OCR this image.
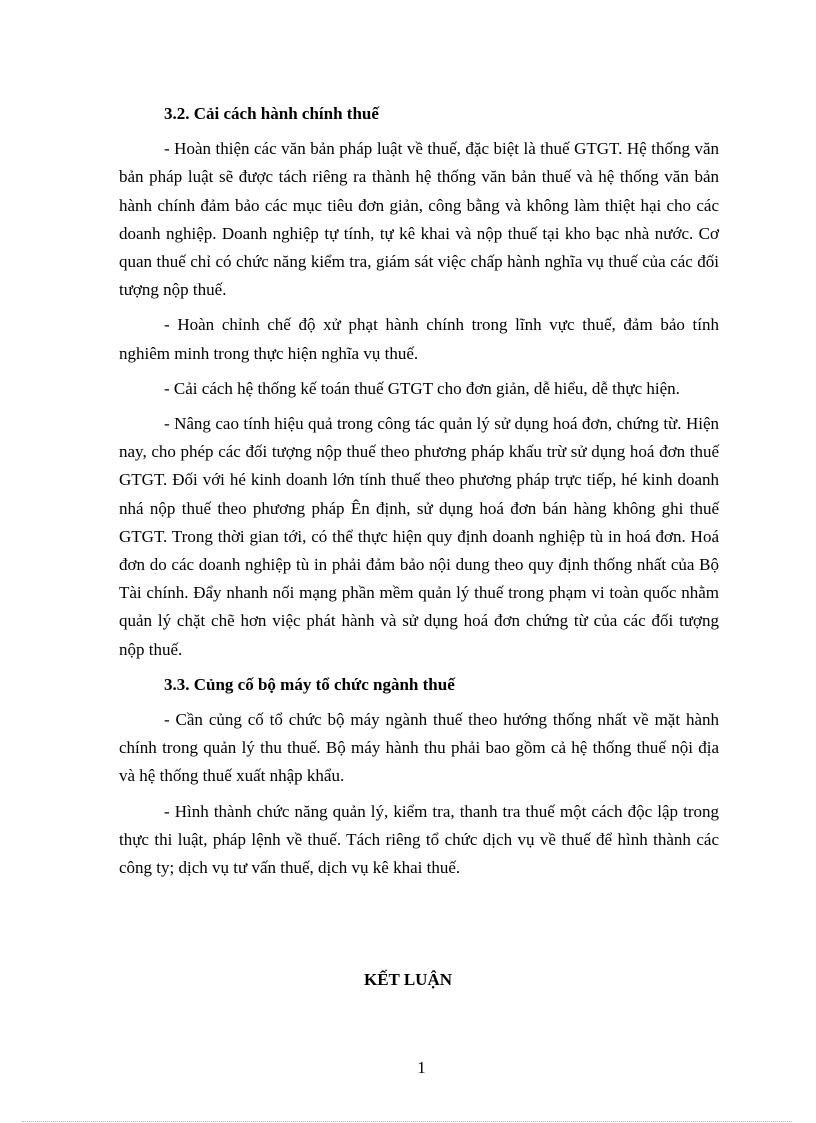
3.2. Cải cách hành chính thuế

- Hoàn thiện các văn bản pháp luật về thuế, đặc biệt là thuế GTGT. Hệ thống văn bản pháp luật sẽ được tách riêng ra thành hệ thống văn bản thuế và hệ thống văn bản hành chính đảm bảo các mục tiêu đơn giản, công bằng và không làm thiệt hại cho các doanh nghiệp. Doanh nghiệp tự tính, tự kê khai và nộp thuế tại kho bạc nhà nước. Cơ quan thuế chỉ có chức năng kiểm tra, giám sát việc chấp hành nghĩa vụ thuế của các đối tượng nộp thuế.

- Hoàn chỉnh chế độ xử phạt hành chính trong lĩnh vực thuế, đảm bảo tính nghiêm minh trong thực hiện nghĩa vụ thuế.

- Cải cách hệ thống kế toán thuế GTGT cho đơn giản, dễ hiểu, dễ thực hiện.

- Nâng cao tính hiệu quả trong công tác quản lý sử dụng hoá đơn, chứng từ. Hiện nay, cho phép các đối tượng nộp thuế theo phương pháp khấu trừ sử dụng hoá đơn thuế GTGT. Đối với hé kinh doanh lớn tính thuế theo phương pháp trực tiếp, hé kinh doanh nhá nộp thuế theo phương pháp Ên định, sử dụng hoá đơn bán hàng không ghi thuế GTGT. Trong thời gian tới, có thể thực hiện quy định doanh nghiệp tù in hoá đơn. Hoá đơn do các doanh nghiệp tù in phải đảm bảo nội dung theo quy định thống nhất của Bộ Tài chính. Đẩy nhanh nối mạng phần mềm quản lý thuế trong phạm vi toàn quốc nhằm quản lý chặt chẽ hơn việc phát hành và sử dụng hoá đơn chứng từ của các đối tượng nộp thuế.

3.3. Củng cố bộ máy tổ chức ngành thuế

- Cần củng cố tổ chức bộ máy ngành thuế theo hướng thống nhất về mặt hành chính trong quản lý thu thuế. Bộ máy hành thu phải bao gồm cả hệ thống thuế nội địa và hệ thống thuế xuất nhập khẩu.

- Hình thành chức năng quản lý, kiểm tra, thanh tra thuế một cách độc lập trong thực thi luật, pháp lệnh về thuế. Tách riêng tổ chức dịch vụ về thuế để hình thành các công ty; dịch vụ tư vấn thuế, dịch vụ kê khai thuế.

KẾT LUẬN
1
